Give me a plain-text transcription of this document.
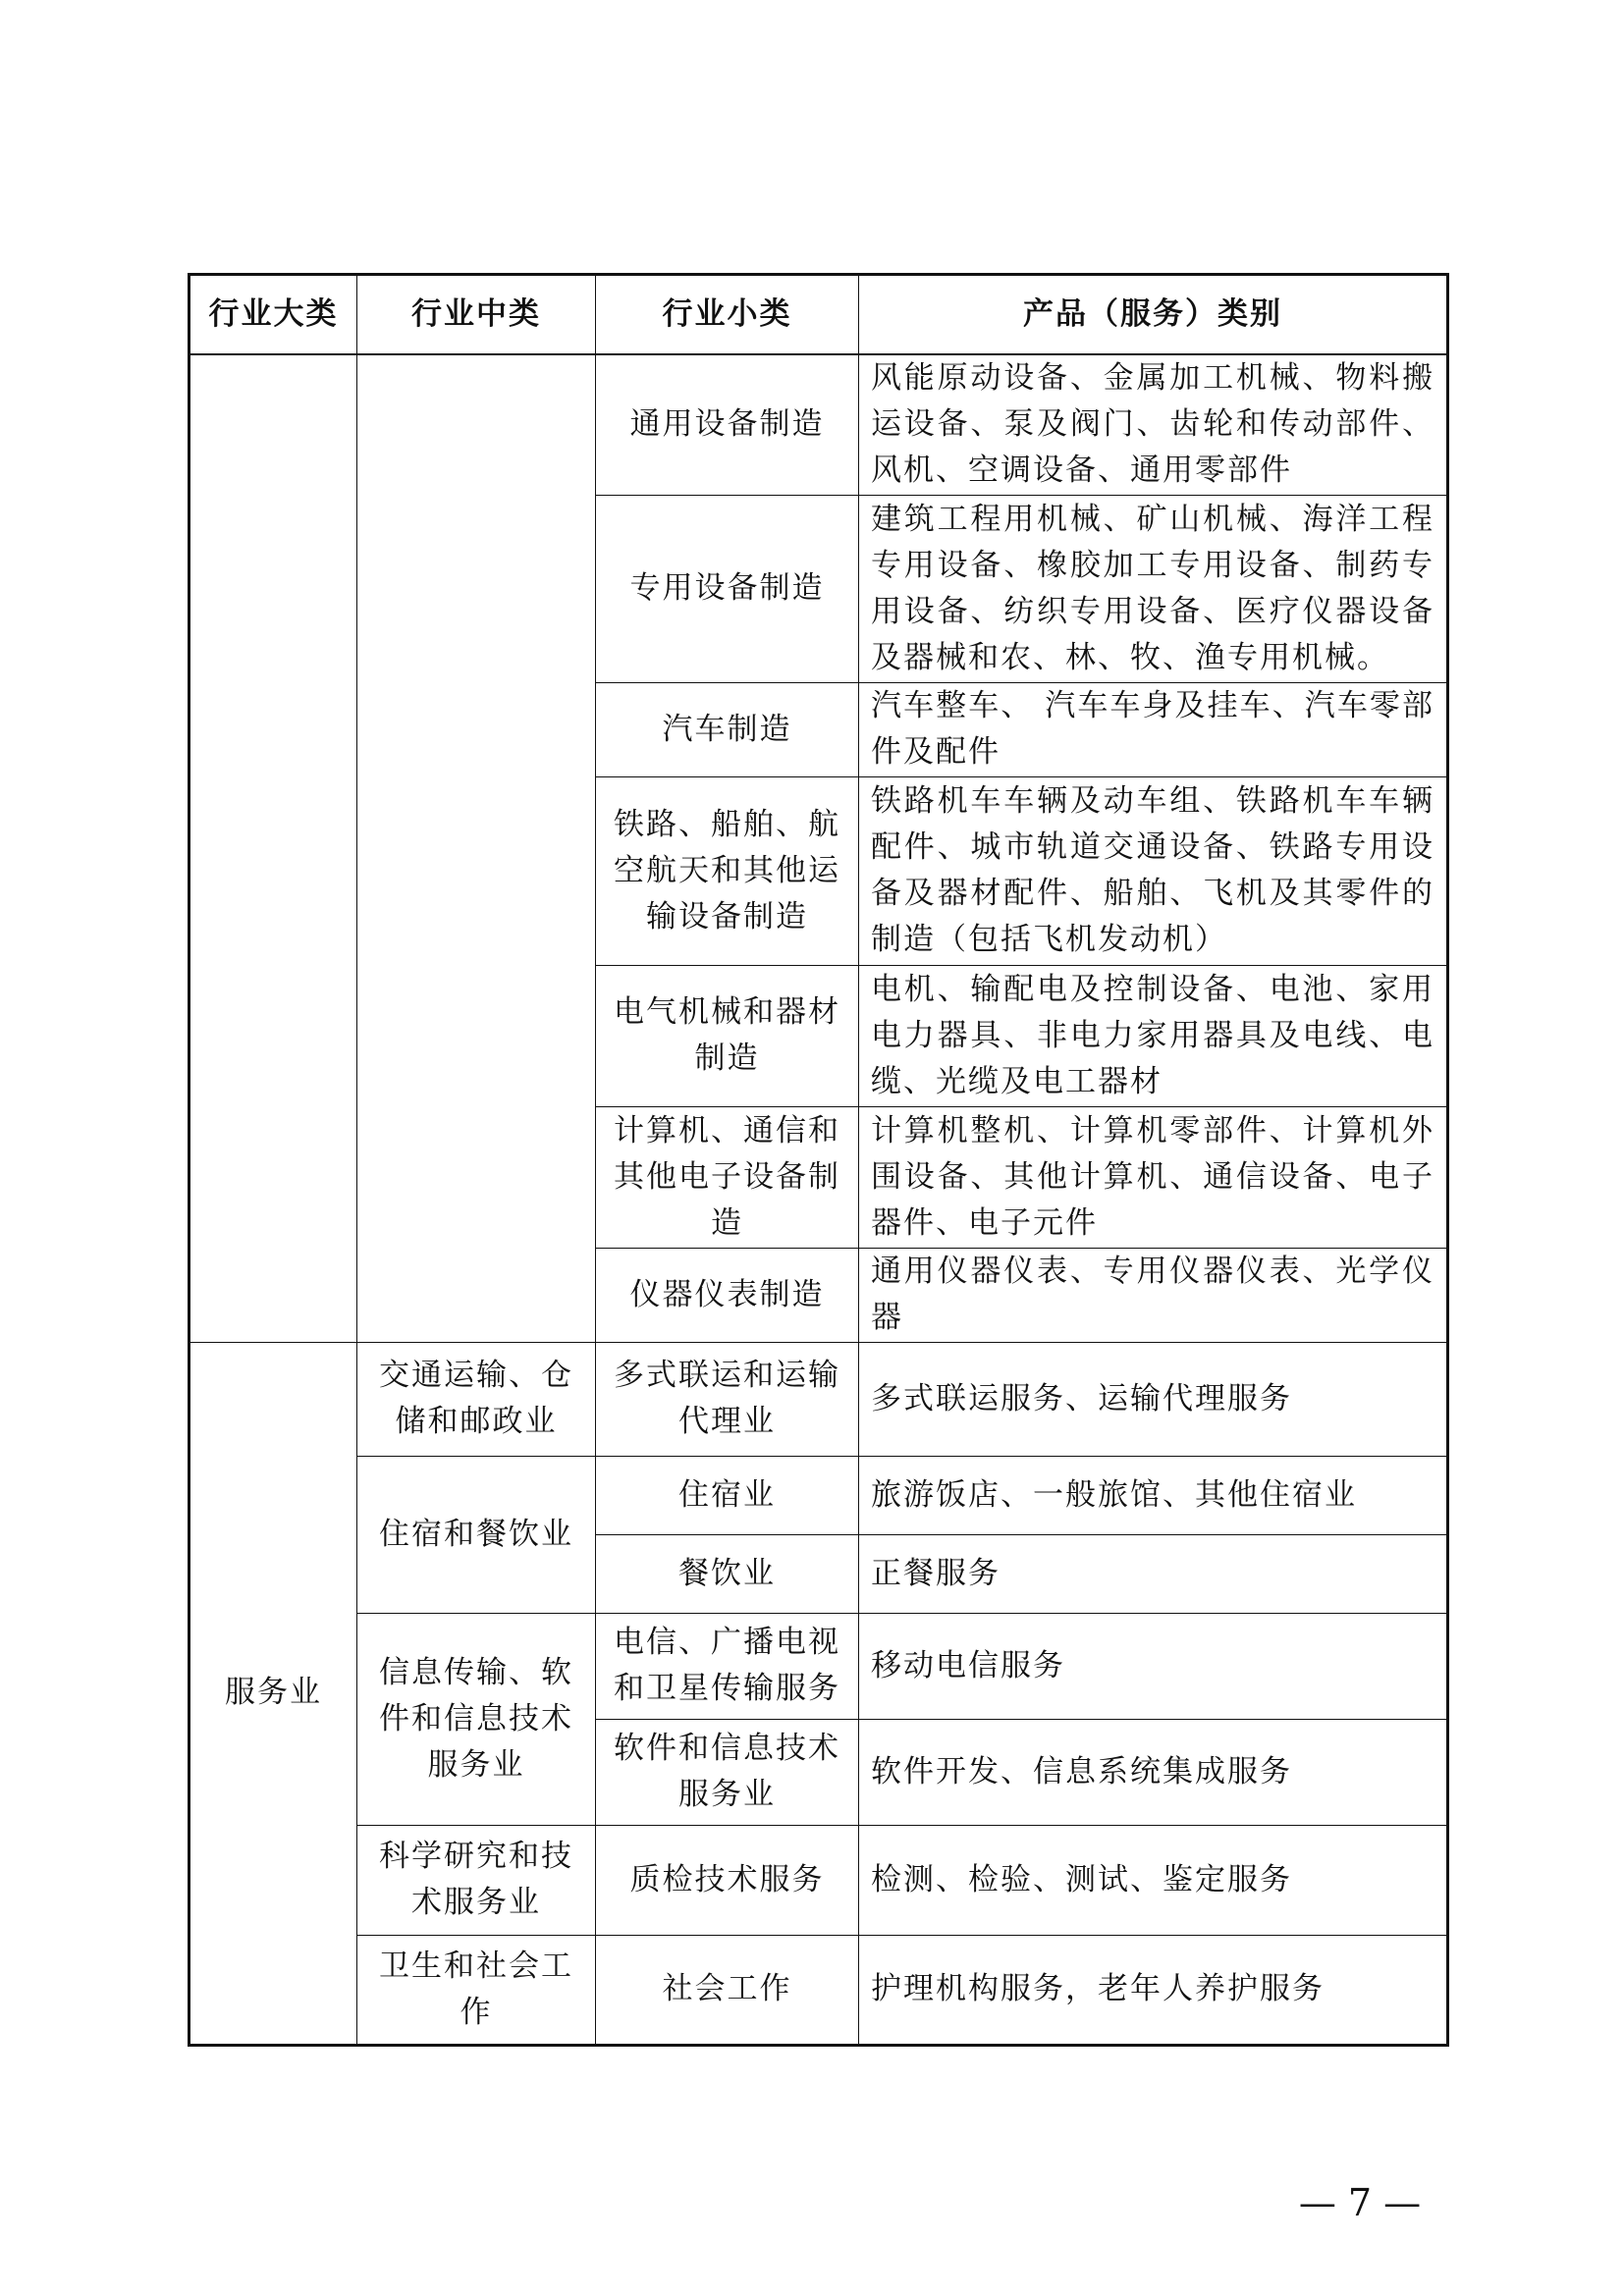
行业大类	行业中类	行业小类	产品（服务）类别
		通用设备制造	风能原动设备、金属加工机械、物料搬运设备、泵及阀门、齿轮和传动部件、风机、空调设备、通用零部件
		专用设备制造	建筑工程用机械、矿山机械、海洋工程专用设备、橡胶加工专用设备、制药专用设备、纺织专用设备、医疗仪器设备及器械和农、林、牧、渔专用机械。
		汽车制造	汽车整车、 汽车车身及挂车、汽车零部件及配件
		铁路、船舶、航空航天和其他运输设备制造	铁路机车车辆及动车组、铁路机车车辆配件、城市轨道交通设备、铁路专用设备及器材配件、船舶、飞机及其零件的制造（包括飞机发动机）
		电气机械和器材制造	电机、输配电及控制设备、电池、家用电力器具、非电力家用器具及电线、电缆、光缆及电工器材
		计算机、通信和其他电子设备制造	计算机整机、计算机零部件、计算机外围设备、其他计算机、通信设备、电子器件、电子元件
		仪器仪表制造	通用仪器仪表、专用仪器仪表、光学仪器
服务业	交通运输、仓储和邮政业	多式联运和运输代理业	多式联运服务、运输代理服务
	住宿和餐饮业	住宿业	旅游饭店、一般旅馆、其他住宿业
		餐饮业	正餐服务
	信息传输、软件和信息技术服务业	电信、广播电视和卫星传输服务	移动电信服务
		软件和信息技术服务业	软件开发、信息系统集成服务
	科学研究和技术服务业	质检技术服务	检测、检验、测试、鉴定服务
	卫生和社会工作	社会工作	护理机构服务，老年人养护服务
— 7 —
